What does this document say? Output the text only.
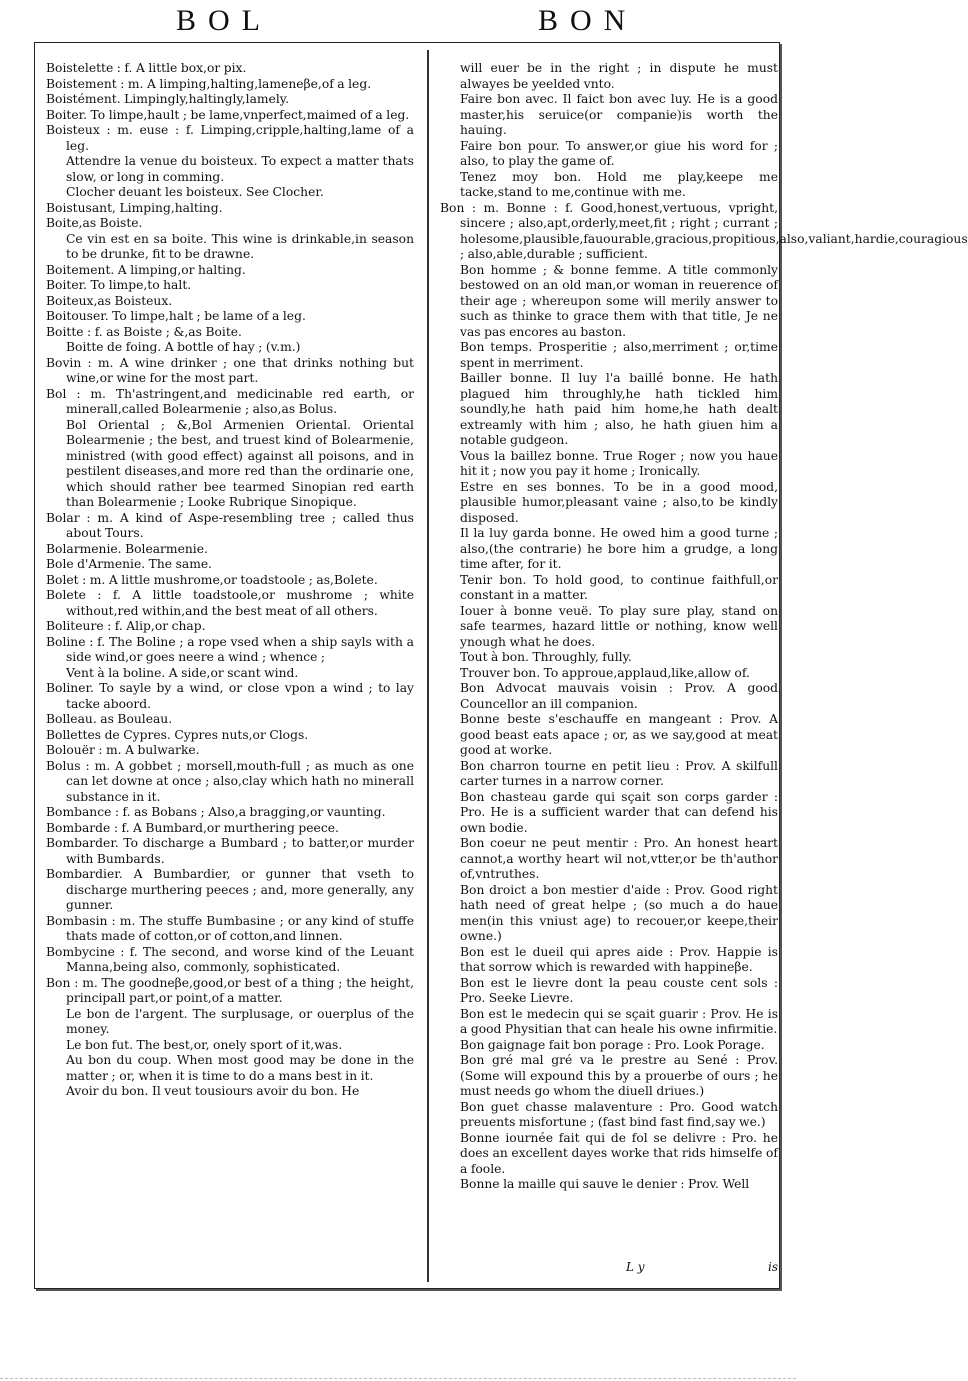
BOL	BON

Boistelette : f. A little box,or pix.

Boistement : m. A limping,halting,lameneβe,of a leg.

Boistément. Limpingly,haltingly,lamely.

Boiter. To limpe,hault ; be lame,vnperfect,maimed of a leg.

Boisteux : m. euse : f. Limping,cripple,halting,lame of a leg.

Attendre la venue du boisteux. To expect a matter thats slow, or long in comming.

Clocher deuant les boisteux. See Clocher.

Boistusant, Limping,halting.

Boite,as Boiste.

Ce vin est en sa boite. This wine is drinkable,in season to be drunke, fit to be drawne.

Boitement. A limping,or halting.

Boiter. To limpe,to halt.

Boiteux,as Boisteux.

Boitouser. To limpe,halt ; be lame of a leg.

Boitte : f. as Boiste ; &,as Boite.

Boitte de foing. A bottle of hay ; (v.m.)

Bovin : m. A wine drinker ; one that drinks nothing but wine,or wine for the most part.

Bol : m. Th'astringent,and medicinable red earth, or minerall,called Bolearmenie ; also,as Bolus.

Bol Oriental ; &,Bol Armenien Oriental. Oriental Bolearmenie ; the best, and truest kind of Bolearmenie, ministred (with good effect) against all poisons, and in pestilent diseases,and more red than the ordinarie one, which should rather bee tearmed Sinopian red earth than Bolearmenie ; Looke Rubrique Sinopique.

Bolar : m. A kind of Aspe-resembling tree ; called thus about Tours.

Bolarmenie. Bolearmenie.

Bole d'Armenie. The same.

Bolet : m. A little mushrome,or toadstoole ; as,Bolete.

Bolete : f. A little toadstoole,or mushrome ; white without,red within,and the best meat of all others.

Boliteure : f. Alip,or chap.

Boline : f. The Boline ; a rope vsed when a ship sayls with a side wind,or goes neere a wind ; whence ;

Vent à la boline. A side,or scant wind.

Boliner. To sayle by a wind, or close vpon a wind ; to lay tacke aboord.

Bolleau. as Bouleau.

Bollettes de Cypres. Cypres nuts,or Clogs.

Bolouër : m. A bulwarke.

Bolus : m. A gobbet ; morsell,mouth-full ; as much as one can let downe at once ; also,clay which hath no minerall substance in it.

Bombance : f. as Bobans ; Also,a bragging,or vaunting.

Bombarde : f. A Bumbard,or murthering peece.

Bombarder. To discharge a Bumbard ; to batter,or murder with Bumbards.

Bombardier. A Bumbardier, or gunner that vseth to discharge murthering peeces ; and, more generally, any gunner.

Bombasin : m. The stuffe Bumbasine ; or any kind of stuffe thats made of cotton,or of cotton,and linnen.

Bombycine : f. The second, and worse kind of the Leuant Manna,being also, commonly, sophisticated.

Bon : m. The goodneβe,good,or best of a thing ; the height, principall part,or point,of a matter.

Le bon de l'argent. The surplusage, or ouerplus of the money.

Le bon fut. The best,or, onely sport of it,was.

Au bon du coup. When most good may be done in the matter ; or, when it is time to do a mans best in it.

Avoir du bon. Il veut tousiours avoir du bon. He

will euer be in the right ; in dispute he must alwayes be yeelded vnto.

Faire bon avec. Il faict bon avec luy. He is a good master,his seruice(or companie)is worth the hauing.

Faire bon pour. To answer,or giue his word for ; also, to play the game of.

Tenez moy bon. Hold me play,keepe me tacke,stand to me,continue with me.

Bon : m. Bonne : f. Good,honest,vertuous, vpright, sincere ; also,apt,orderly,meet,fit ; right ; currant ; holesome,plausible,fauourable,gracious,propitious,also,valiant,hardie,couragious ; also,able,durable ; sufficient.

Bon homme ; & bonne femme. A title commonly bestowed on an old man,or woman in reuerence of their age ; whereupon some will merily answer to such as thinke to grace them with that title, Je ne vas pas encores au baston.

Bon temps. Prosperitie ; also,merriment ; or,time spent in merriment.

Bailler bonne. Il luy l'a baillé bonne. He hath plagued him throughly,he hath tickled him soundly,he hath paid him home,he hath dealt extreamly with him ; also, he hath giuen him a notable gudgeon.

Vous la baillez bonne. True Roger ; now you haue hit it ; now you pay it home ; Ironically.

Estre en ses bonnes. To be in a good mood, plausible humor,pleasant vaine ; also,to be kindly disposed.

Il la luy garda bonne. He owed him a good turne ; also,(the contrarie) he bore him a grudge, a long time after, for it.

Tenir bon. To hold good, to continue faithfull,or constant in a matter.

Iouer à bonne veuë. To play sure play, stand on safe tearmes, hazard little or nothing, know well ynough what he does.

Tout à bon. Throughly, fully.

Trouver bon. To approue,applaud,like,allow of.

Bon Advocat mauvais voisin : Prov. A good Councellor an ill companion.

Bonne beste s'eschauffe en mangeant : Prov. A good beast eats apace ; or, as we say,good at meat good at worke.

Bon charron tourne en petit lieu : Prov. A skilfull carter turnes in a narrow corner.

Bon chasteau garde qui sçait son corps garder : Pro. He is a sufficient warder that can defend his own bodie.

Bon coeur ne peut mentir : Pro. An honest heart cannot,a worthy heart wil not,vtter,or be th'author of,vntruthes.

Bon droict a bon mestier d'aide : Prov. Good right hath need of great helpe ; (so much a do haue men(in this vniust age) to recouer,or keepe,their owne.)

Bon est le dueil qui apres aide : Prov. Happie is that sorrow which is rewarded with happineβe.

Bon est le lievre dont la peau couste cent sols : Pro. Seeke Lievre.

Bon est le medecin qui se sçait guarir : Prov. He is a good Physitian that can heale his owne infirmitie.

Bon gaignage fait bon porage : Pro. Look Porage.

Bon gré mal gré va le prestre au Sené : Prov. (Some will expound this by a prouerbe of ours ; he must needs go whom the diuell driues.)

Bon guet chasse malaventure : Pro. Good watch preuents misfortune ; (fast bind fast find,say we.)

Bonne iournée fait qui de fol se delivre : Pro. he does an excellent dayes worke that rids himselfe of a foole.

Bonne la maille qui sauve le denier : Prov. Well

L y	is
